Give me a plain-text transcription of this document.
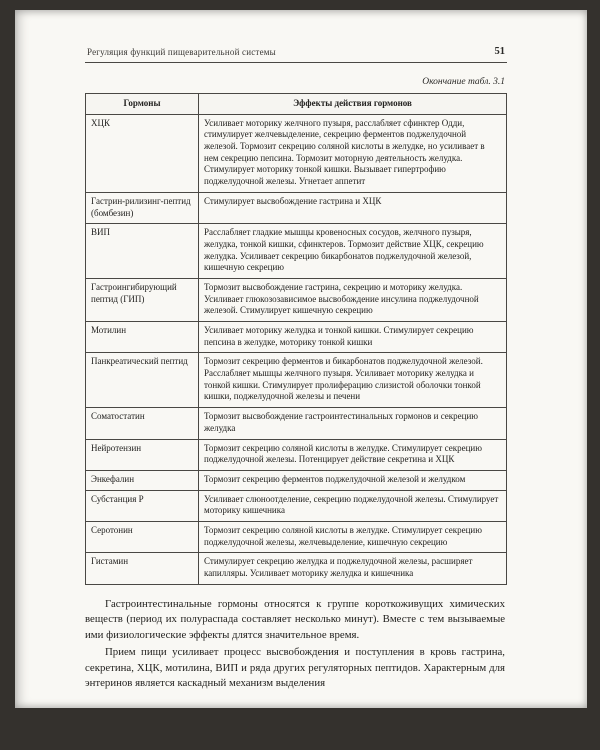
Регуляция функций пищеварительной системы	51
Окончание табл. 3.1
Гормоны	Эффекты действия гормонов
ХЦК	Усиливает моторику желчного пузыря, расслабляет сфинктер Одди, стимулирует желчевыделение, секрецию ферментов поджелудочной железой. Тормозит секрецию соляной кислоты в желудке, но усиливает в нем секрецию пепсина. Тормозит моторную деятельность желудка. Стимулирует моторику тонкой кишки. Вызывает гипертрофию поджелудочной железы. Угнетает аппетит
Гастрин-рилизинг-пептид (бомбезин)	Стимулирует высвобождение гастрина и ХЦК
ВИП	Расслабляет гладкие мышцы кровеносных сосудов, желчного пузыря, желудка, тонкой кишки, сфинктеров. Тормозит действие ХЦК, секрецию желудка. Усиливает секрецию бикарбонатов поджелудочной железой, кишечную секрецию
Гастроингибирующий пептид (ГИП)	Тормозит высвобождение гастрина, секрецию и моторику желудка. Усиливает глюкозозависимое высвобождение инсулина поджелудочной железой. Стимулирует кишечную секрецию
Мотилин	Усиливает моторику желудка и тонкой кишки. Стимулирует секрецию пепсина в желудке, моторику тонкой кишки
Панкреатический пептид	Тормозит секрецию ферментов и бикарбонатов поджелудочной железой. Расслабляет мышцы желчного пузыря. Усиливает моторику желудка и тонкой кишки. Стимулирует пролиферацию слизистой оболочки тонкой кишки, поджелудочной железы и печени
Соматостатин	Тормозит высвобождение гастроинтестинальных гормонов и секрецию желудка
Нейротензин	Тормозит секрецию соляной кислоты в желудке. Стимулирует секрецию поджелудочной железы. Потенцирует действие секретина и ХЦК
Энкефалин	Тормозит секрецию ферментов поджелудочной железой и желудком
Субстанция Р	Усиливает слюноотделение, секрецию поджелудочной железы. Стимулирует моторику кишечника
Серотонин	Тормозит секрецию соляной кислоты в желудке. Стимулирует секрецию поджелудочной железы, желчевыделение, кишечную секрецию
Гистамин	Стимулирует секрецию желудка и поджелудочной железы, расширяет капилляры. Усиливает моторику желудка и кишечника

Гастроинтестинальные гормоны относятся к группе короткоживущих химических веществ (период их полураспада составляет несколько минут). Вместе с тем вызываемые ими физиологические эффекты длятся значительное время.

Прием пищи усиливает процесс высвобождения и поступления в кровь гастрина, секретина, ХЦК, мотилина, ВИП и ряда других регуляторных пептидов. Характерным для энтеринов является каскадный механизм выделения
